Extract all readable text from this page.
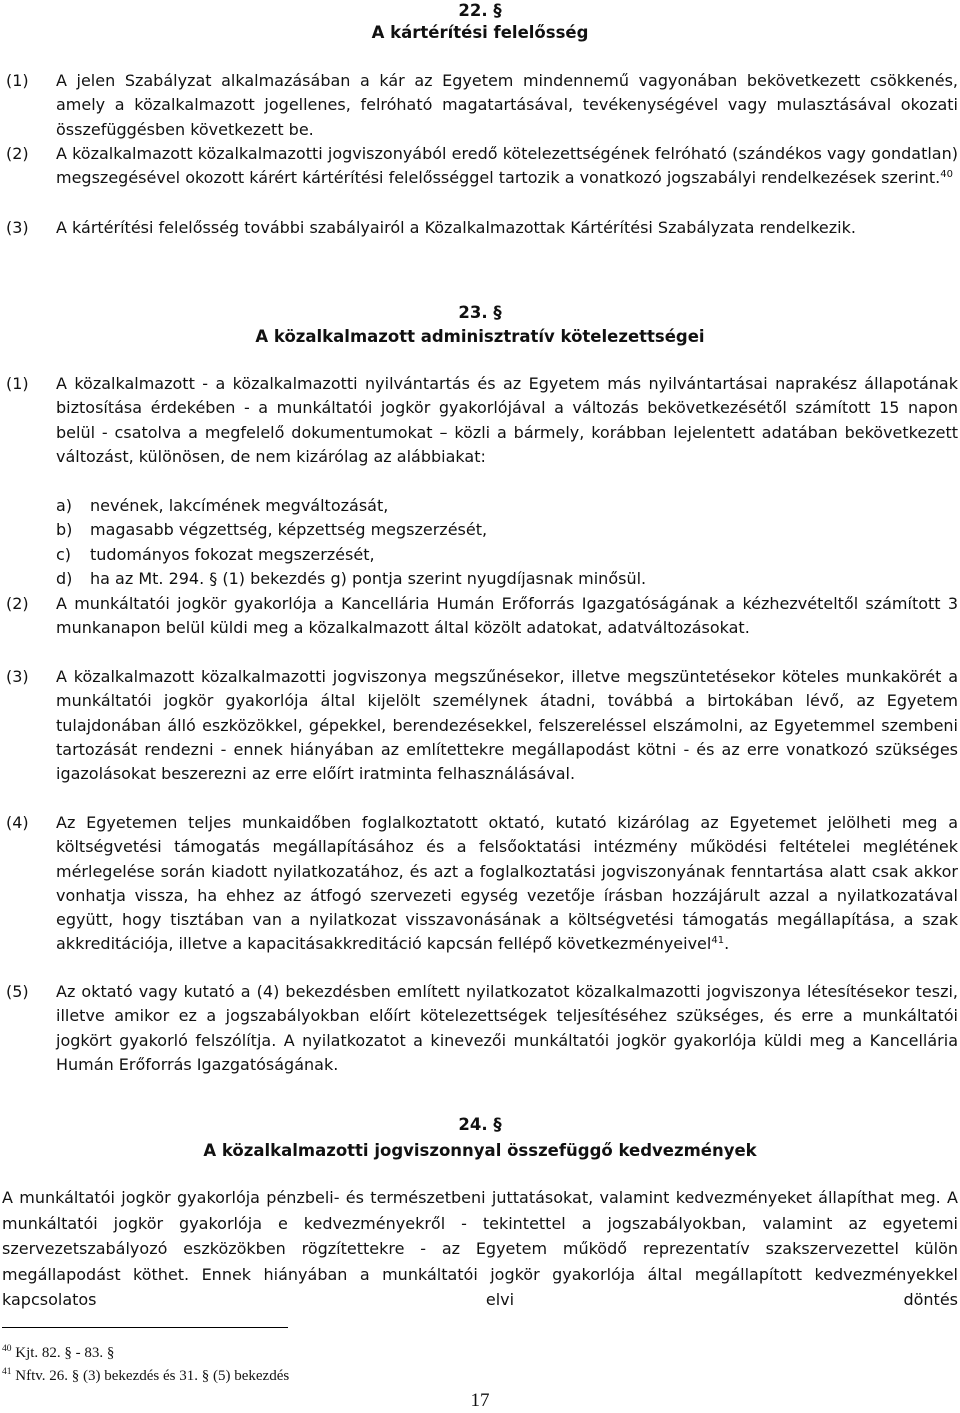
22. §
A kártérítési felelősség
(1) A jelen Szabályzat alkalmazásában a kár az Egyetem mindennemű vagyonában bekövetkezett csökkenés, amely a közalkalmazott jogellenes, felróható magatartásával, tevékenységével vagy mulasztásával okozati összefüggésben következett be.
(2) A közalkalmazott közalkalmazotti jogviszonyából eredő kötelezettségének felróható (szándékos vagy gondatlan) megszegésével okozott kárért kártérítési felelősséggel tartozik a vonatkozó jogszabályi rendelkezések szerint.$^{40}$
(3) A kártérítési felelősség további szabályairól a Közalkalmazottak Kártérítési Szabályzata rendelkezik.
23. §
A közalkalmazott adminisztratív kötelezettségei
(1) A közalkalmazott - a közalkalmazotti nyilvántartás és az Egyetem más nyilvántartásai naprakész állapotának biztosítása érdekében - a munkáltatói jogkör gyakorlójával a változás bekövetkezésétől számított 15 napon belül - csatolva a megfelelő dokumentumokat – közli a bármely, korábban lejelentett adatában bekövetkezett változást, különösen, de nem kizárólag az alábbiakat:
a) nevének, lakcímének megváltozását,
b) magasabb végzettség, képzettség megszerzését,
c) tudományos fokozat megszerzését,
d) ha az Mt. 294. § (1) bekezdés g) pontja szerint nyugdíjasnak minősül.
(2) A munkáltatói jogkör gyakorlója a Kancellária Humán Erőforrás Igazgatóságának a kézhezvételtől számított 3 munkanapon belül küldi meg a közalkalmazott által közölt adatokat, adatváltozásokat.
(3) A közalkalmazott közalkalmazotti jogviszonya megszűnésekor, illetve megszüntetésekor köteles munkakörét a munkáltatói jogkör gyakorlója által kijelölt személynek átadni, továbbá a birtokában lévő, az Egyetem tulajdonában álló eszközökkel, gépekkel, berendezésekkel, felszereléssel elszámolni, az Egyetemmel szembeni tartozását rendezni - ennek hiányában az említettekre megállapodást kötni - és az erre vonatkozó szükséges igazolásokat beszerezni az erre előírt iratminta felhasználásával.
(4) Az Egyetemen teljes munkaidőben foglalkoztatott oktató, kutató kizárólag az Egyetemet jelölheti meg a költségvetési támogatás megállapításához és a felsőoktatási intézmény működési feltételei meglétének mérlegelése során kiadott nyilatkozatához, és azt a foglalkoztatási jogviszonyának fenntartása alatt csak akkor vonhatja vissza, ha ehhez az átfogó szervezeti egység vezetője írásban hozzájárult azzal a nyilatkozatával együtt, hogy tisztában van a nyilatkozat visszavonásának a költségvetési támogatás megállapítása, a szak akkreditációja, illetve a kapacitásakkreditáció kapcsán fellépő következményeivel$^{41}$.
(5) Az oktató vagy kutató a (4) bekezdésben említett nyilatkozatot közalkalmazotti jogviszonya létesítésekor teszi, illetve amikor ez a jogszabályokban előírt kötelezettségek teljesítéséhez szükséges, és erre a munkáltatói jogkört gyakorló felszólítja. A nyilatkozatot a kinevezői munkáltatói jogkör gyakorlója küldi meg a Kancellária Humán Erőforrás Igazgatóságának.
24. §
A közalkalmazotti jogviszonnyal összefüggő kedvezmények
A munkáltatói jogkör gyakorlója pénzbeli- és természetbeni juttatásokat, valamint kedvezményeket állapíthat meg. A munkáltatói jogkör gyakorlója e kedvezményekről - tekintettel a jogszabályokban, valamint az egyetemi szervezetszabályozó eszközökben rögzítettekre - az Egyetem működő reprezentatív szakszervezettel külön megállapodást köthet. Ennek hiányában a munkáltatói jogkör gyakorlója által megállapított kedvezményekkel kapcsolatos elvi döntés
$^{40}$ Kjt. 82. § - 83. §
$^{41}$ Nftv. 26. § (3) bekezdés és 31. § (5) bekezdés
17
